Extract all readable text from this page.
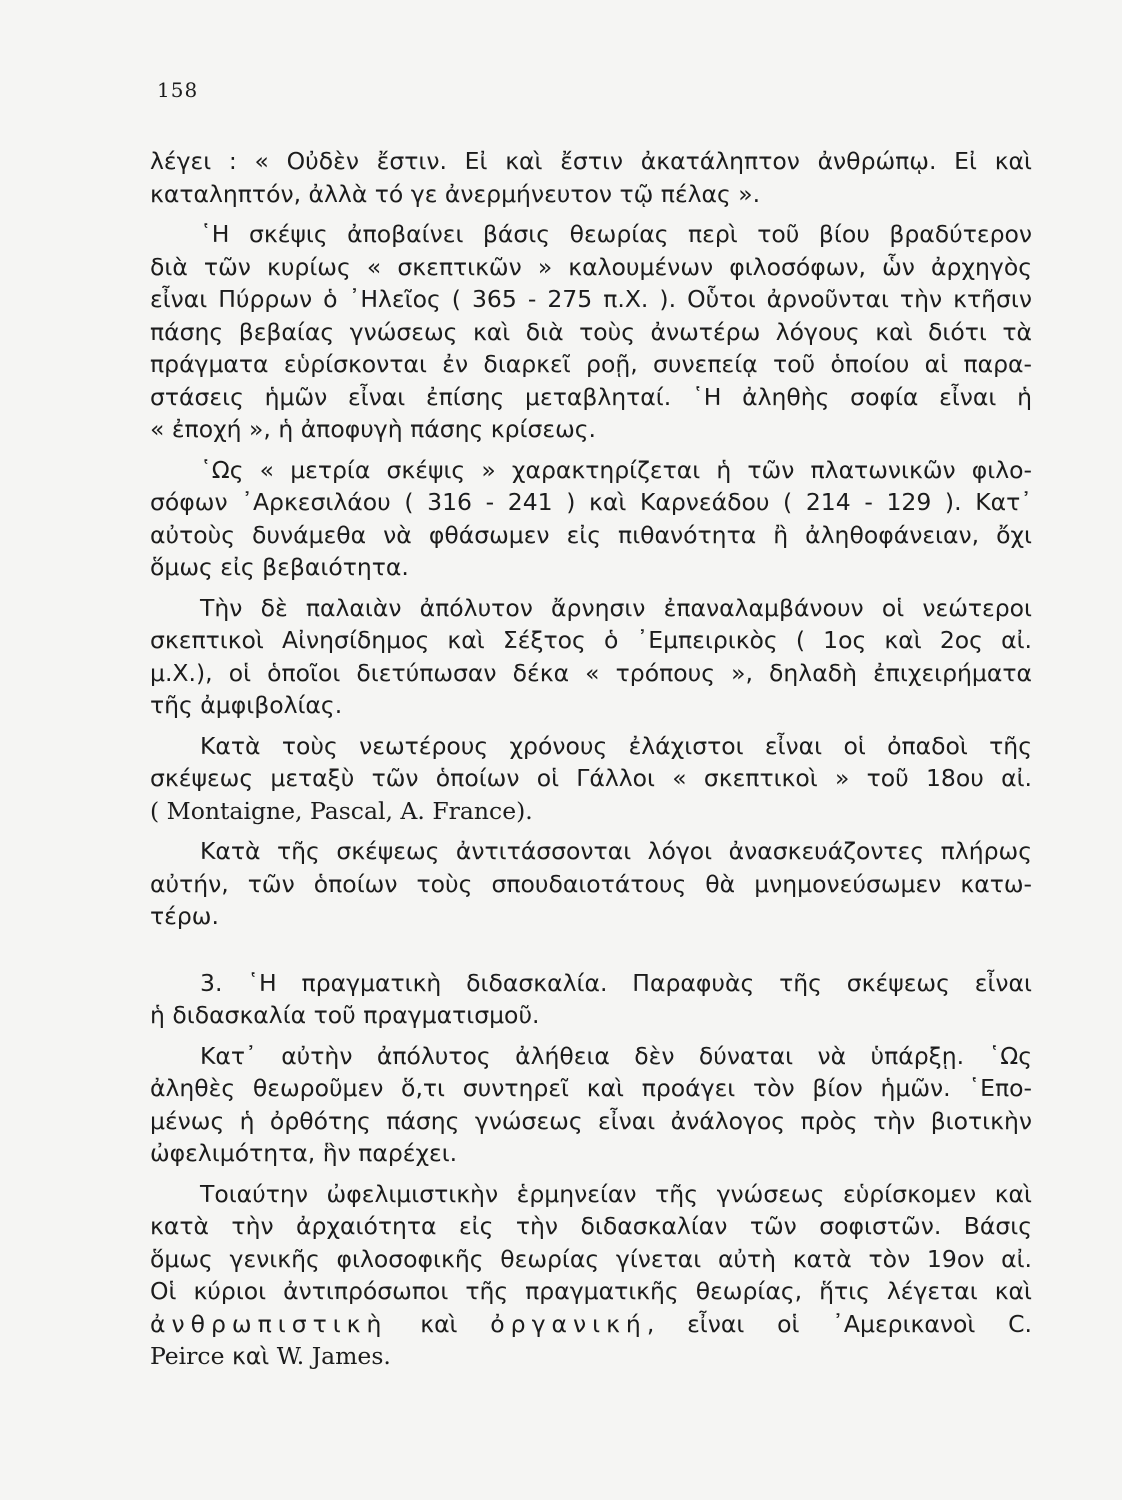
158

λέγει : « Οὐδὲν ἔστιν. Εἰ καὶ ἔστιν ἀκατάληπτον ἀνθρώπῳ. Εἰ καὶ
καταληπτόν, ἀλλὰ τό γε ἀνερμήνευτον τῷ πέλας ».

῾Η σκέψις ἀποβαίνει βάσις θεωρίας περὶ τοῦ βίου βραδύτερον
διὰ τῶν κυρίως « σκεπτικῶν » καλουμένων φιλοσόφων, ὧν ἀρχηγὸς
εἶναι Πύρρων ὁ ᾿Ηλεῖος ( 365 - 275 π.Χ. ). Οὗτοι ἀρνοῦνται τὴν κτῆσιν
πάσης βεβαίας γνώσεως καὶ διὰ τοὺς ἀνωτέρω λόγους καὶ διότι τὰ
πράγματα εὑρίσκονται ἐν διαρκεῖ ροῇ, συνεπείᾳ τοῦ ὁποίου αἱ παρα-
στάσεις ἡμῶν εἶναι ἐπίσης μεταβληταί. ῾Η ἀληθὴς σοφία εἶναι ἡ
« ἐποχή », ἡ ἀποφυγὴ πάσης κρίσεως.

῾Ως « μετρία σκέψις » χαρακτηρίζεται ἡ τῶν πλατωνικῶν φιλο-
σόφων ᾿Αρκεσιλάου ( 316 - 241 ) καὶ Καρνεάδου ( 214 - 129 ). Κατ᾿
αὐτοὺς δυνάμεθα νὰ φθάσωμεν εἰς πιθανότητα ἢ ἀληθοφάνειαν, ὄχι
ὅμως εἰς βεβαιότητα.

Τὴν δὲ παλαιὰν ἀπόλυτον ἄρνησιν ἐπαναλαμβάνουν οἱ νεώτεροι
σκεπτικοὶ Αἰνησίδημος καὶ Σέξτος ὁ ᾿Εμπειρικὸς ( 1ος καὶ 2ος αἰ.
μ.Χ.), οἱ ὁποῖοι διετύπωσαν δέκα « τρόπους », δηλαδὴ ἐπιχειρήματα
τῆς ἀμφιβολίας.

Κατὰ τοὺς νεωτέρους χρόνους ἐλάχιστοι εἶναι οἱ ὀπαδοὶ τῆς
σκέψεως μεταξὺ τῶν ὁποίων οἱ Γάλλοι « σκεπτικοὶ » τοῦ 18ου αἰ.
( Montaigne, Pascal, A. France).

Κατὰ τῆς σκέψεως ἀντιτάσσονται λόγοι ἀνασκευάζοντες πλήρως
αὐτήν, τῶν ὁποίων τοὺς σπουδαιοτάτους θὰ μνημονεύσωμεν κατω-
τέρω.

3. ῾Η πραγματικὴ διδασκαλία. Παραφυὰς τῆς σκέψεως εἶναι
ἡ διδασκαλία τοῦ πραγματισμοῦ.

Κατ᾿ αὐτὴν ἀπόλυτος ἀλήθεια δὲν δύναται νὰ ὑπάρξῃ. ῾Ως
ἀληθὲς θεωροῦμεν ὅ,τι συντηρεῖ καὶ προάγει τὸν βίον ἡμῶν. ῾Επο-
μένως ἡ ὀρθότης πάσης γνώσεως εἶναι ἀνάλογος πρὸς τὴν βιοτικὴν
ὠφελιμότητα, ἣν παρέχει.

Τοιαύτην ὠφελιμιστικὴν ἑρμηνείαν τῆς γνώσεως εὑρίσκομεν καὶ
κατὰ τὴν ἀρχαιότητα εἰς τὴν διδασκαλίαν τῶν σοφιστῶν. Βάσις
ὅμως γενικῆς φιλοσοφικῆς θεωρίας γίνεται αὐτὴ κατὰ τὸν 19ον αἰ.
Οἱ κύριοι ἀντιπρόσωποι τῆς πραγματικῆς θεωρίας, ἥτις λέγεται καὶ
ἀνθρωπιστικὴ καὶ ὀργανική, εἶναι οἱ ᾿Αμερικανοὶ C.
Peirce καὶ W. James.
